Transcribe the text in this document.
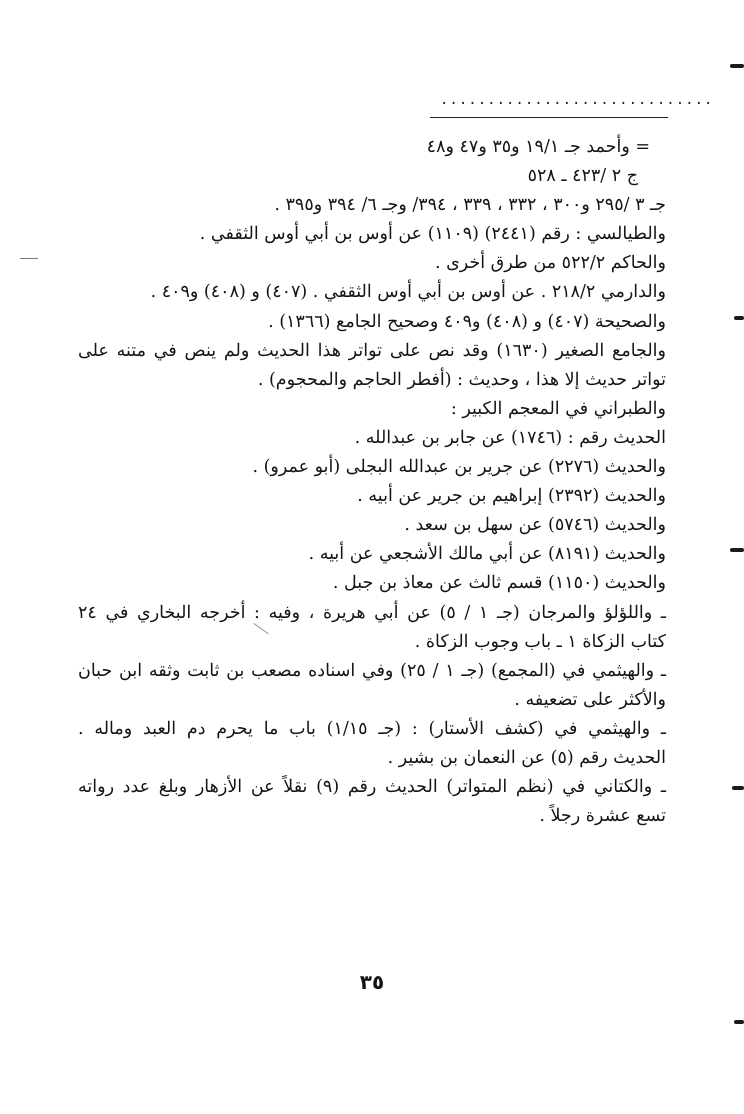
.............................
= وأحمد جـ ١٩/١ و٣٥ و٤٧ و٤٨
ج ٢ /٤٢٣ ـ ٥٢٨
جـ ٣ /٢٩٥ و٣٠٠ ، ٣٣٢ ، ٣٣٩ ، ٣٩٤/ وجـ ٦/ ٣٩٤ و٣٩٥ .
والطيالسي : رقم (٢٤٤١) (١١٠٩) عن أوس بن أبي أوس الثقفي .
والحاكم ٥٢٢/٢ من طرق أخرى .
والدارمي ٢١٨/٢ . عن أوس بن أبي أوس الثقفي . (٤٠٧) و (٤٠٨) و٤٠٩ .
والصحيحة (٤٠٧) و (٤٠٨) و٤٠٩ وصحيح الجامع (١٣٦٦) .
والجامع الصغير (١٦٣٠) وقد نص على تواتر هذا الحديث ولم ينص في متنه على
تواتر حديث إلا هذا ، وحديث : (أفطر الحاجم والمحجوم) .
والطبراني في المعجم الكبير :
الحديث رقم : (١٧٤٦) عن جابر بن عبدالله .
والحديث (٢٢٧٦) عن جرير بن عبدالله البجلى (أبو عمرو) .
والحديث (٢٣٩٢) إبراهيم بن جرير عن أبيه .
والحديث (٥٧٤٦) عن سهل بن سعد .
والحديث (٨١٩١) عن أبي مالك الأشجعي عن أبيه .
والحديث (١١٥٠) قسم ثالث عن معاذ بن جبل .
ـ واللؤلؤ والمرجان (جـ ١ / ٥) عن أبي هريرة ، وفيه : أخرجه البخاري في ٢٤
كتاب الزكاة ١ ـ باب وجوب الزكاة .
ـ والهيثمي في (المجمع) (جـ ١ / ٢٥) وفي اسناده مصعب بن ثابت وثقه ابن حبان
والأكثر على تضعيفه .
ـ والهيثمي في (كشف الأستار) : (جـ ١/١٥) باب ما يحرم دم العبد وماله .
الحديث رقم (٥) عن النعمان بن بشير .
ـ والكتاني في (نظم المتواتر) الحديث رقم (٩) نقلاً عن الأزهار وبلغ عدد رواته
تسع عشرة رجلاً .
٣٥
